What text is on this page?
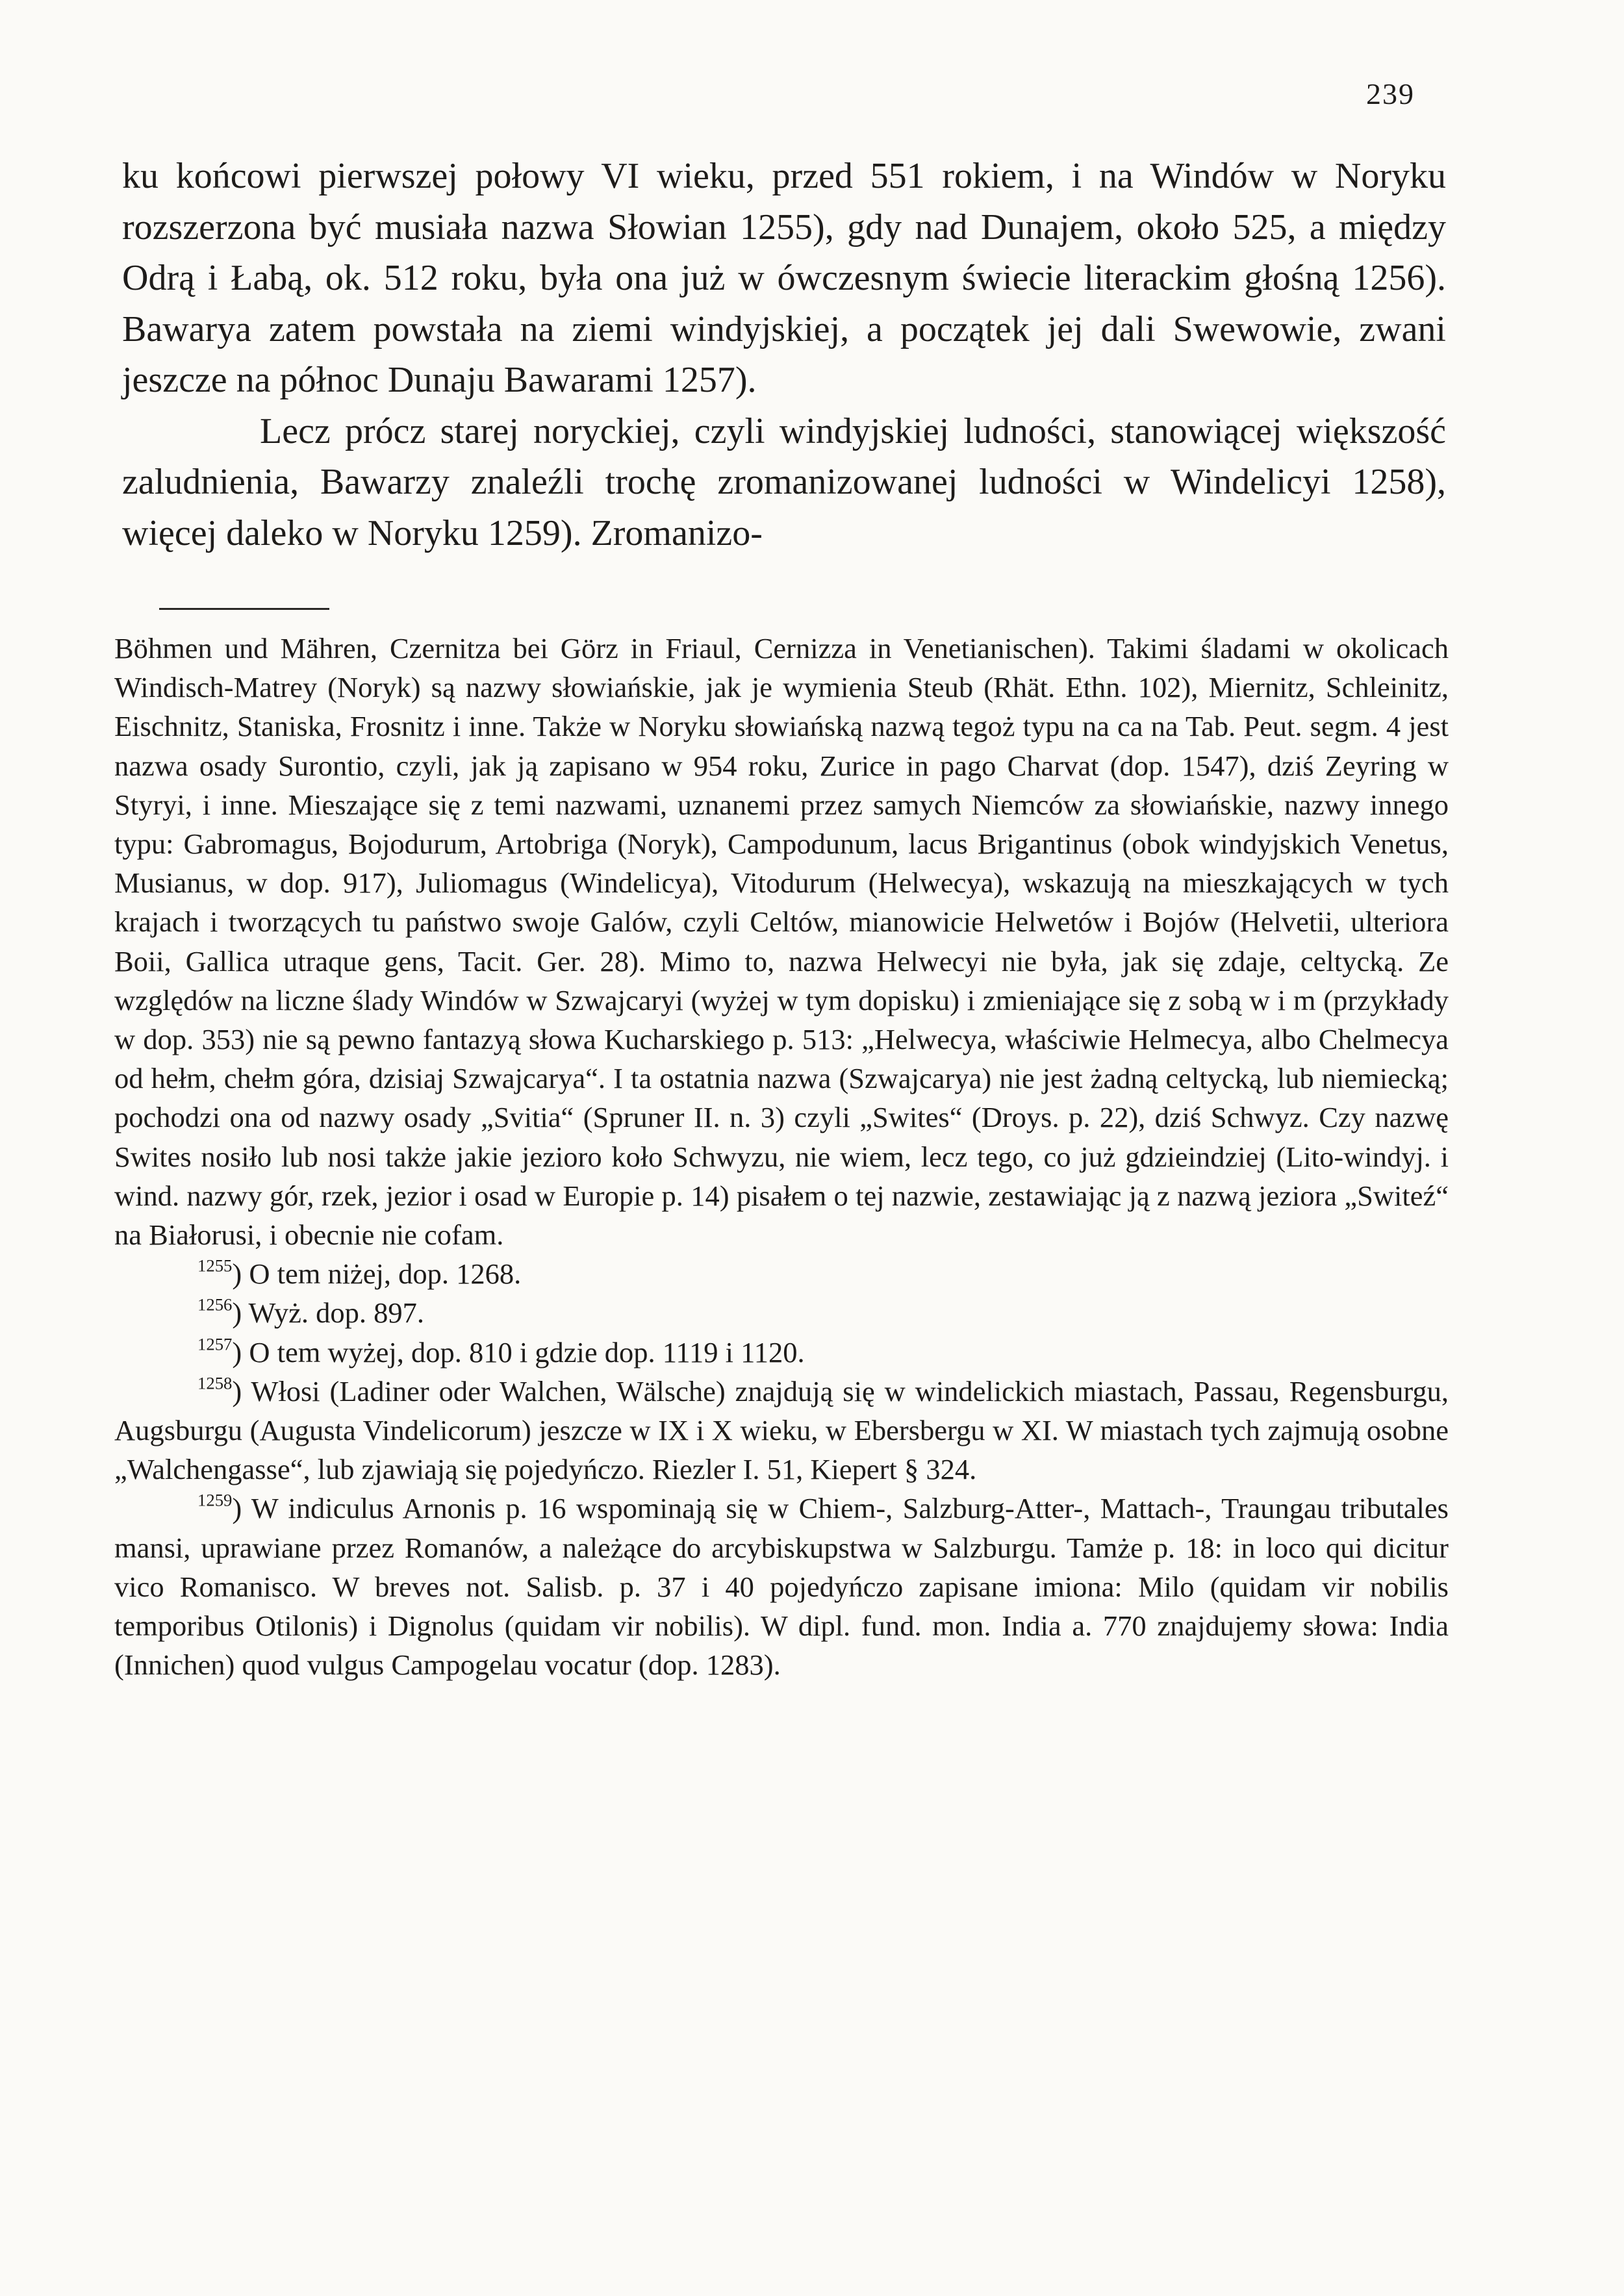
239

ku końcowi pierwszej połowy VI wieku, przed 551 rokiem, i na Windów w Noryku rozszerzona być musiała nazwa Słowian 1255), gdy nad Dunajem, około 525, a między Odrą i Łabą, ok. 512 roku, była ona już w ówczesnym świecie literackim głośną 1256). Bawarya zatem powstała na ziemi windyjskiej, a początek jej dali Swewowie, zwani jeszcze na północ Dunaju Bawarami 1257).

Lecz prócz starej noryckiej, czyli windyjskiej ludności, stanowiącej większość zaludnienia, Bawarzy znaleźli trochę zromanizowanej ludności w Windelicyi 1258), więcej daleko w Noryku 1259). Zromanizo-

Böhmen und Mähren, Czernitza bei Görz in Friaul, Cernizza in Venetianischen). Takimi śladami w okolicach Windisch-Matrey (Noryk) są nazwy słowiańskie, jak je wymienia Steub (Rhät. Ethn. 102), Miernitz, Schleinitz, Eischnitz, Staniska, Frosnitz i inne. Także w Noryku słowiańską nazwą tegoż typu na ca na Tab. Peut. segm. 4 jest nazwa osady Surontio, czyli, jak ją zapisano w 954 roku, Zurice in pago Charvat (dop. 1547), dziś Zeyring w Styryi, i inne. Mieszające się z temi nazwami, uznanemi przez samych Niemców za słowiańskie, nazwy innego typu: Gabromagus, Bojodurum, Artobriga (Noryk), Campodunum, lacus Brigantinus (obok windyjskich Venetus, Musianus, w dop. 917), Juliomagus (Windelicya), Vitodurum (Helwecya), wskazują na mieszkających w tych krajach i tworzących tu państwo swoje Galów, czyli Celtów, mianowicie Helwetów i Bojów (Helvetii, ulteriora Boii, Gallica utraque gens, Tacit. Ger. 28). Mimo to, nazwa Helwecyi nie była, jak się zdaje, celtycką. Ze względów na liczne ślady Windów w Szwajcaryi (wyżej w tym dopisku) i zmieniające się z sobą w i m (przykłady w dop. 353) nie są pewno fantazyą słowa Kucharskiego p. 513: „Helwecya, właściwie Helmecya, albo Chelmecya od hełm, chełm góra, dzisiaj Szwajcarya“. I ta ostatnia nazwa (Szwajcarya) nie jest żadną celtycką, lub niemiecką; pochodzi ona od nazwy osady „Svitia“ (Spruner II. n. 3) czyli „Swites“ (Droys. p. 22), dziś Schwyz. Czy nazwę Swites nosiło lub nosi także jakie jezioro koło Schwyzu, nie wiem, lecz tego, co już gdzieindziej (Lito-windyj. i wind. nazwy gór, rzek, jezior i osad w Europie p. 14) pisałem o tej nazwie, zestawiając ją z nazwą jeziora „Switeź“ na Białorusi, i obecnie nie cofam.

$^{1255}$) O tem niżej, dop. 1268.

$^{1256}$) Wyż. dop. 897.

$^{1257}$) O tem wyżej, dop. 810 i gdzie dop. 1119 i 1120.

$^{1258}$) Włosi (Ladiner oder Walchen, Wälsche) znajdują się w windelickich miastach, Passau, Regensburgu, Augsburgu (Augusta Vindelicorum) jeszcze w IX i X wieku, w Ebersbergu w XI. W miastach tych zajmują osobne „Walchengasse“, lub zjawiają się pojedyńczo. Riezler I. 51, Kiepert § 324.

$^{1259}$) W indiculus Arnonis p. 16 wspominają się w Chiem-, Salzburg-Atter-, Mattach-, Traungau tributales mansi, uprawiane przez Romanów, a należące do arcybiskupstwa w Salzburgu. Tamże p. 18: in loco qui dicitur vico Romanisco. W breves not. Salisb. p. 37 i 40 pojedyńczo zapisane imiona: Milo (quidam vir nobilis temporibus Otilonis) i Dignolus (quidam vir nobilis). W dipl. fund. mon. India a. 770 znajdujemy słowa: India (Innichen) quod vulgus Campogelau vocatur (dop. 1283).
